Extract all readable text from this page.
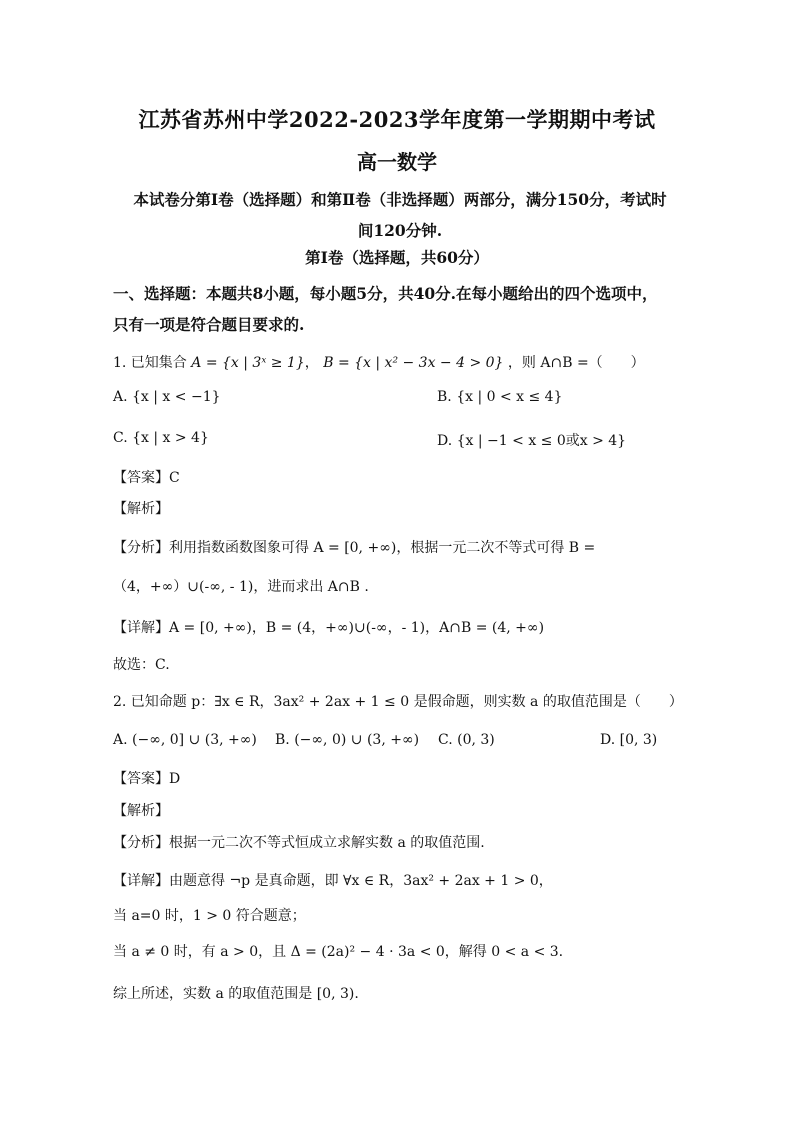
江苏省苏州中学2022-2023学年度第一学期期中考试
高一数学
本试卷分第Ⅰ卷（选择题）和第Ⅱ卷（非选择题）两部分，满分150分，考试时
间120分钟.
第Ⅰ卷（选择题，共60分）
一、选择题：本题共8小题，每小题5分，共40分.在每小题给出的四个选项中，
只有一项是符合题目要求的.
1. 已知集合 A = {x | 3ˣ ≥ 1}， B = {x | x² − 3x − 4 > 0} ，则 A∩B =（　　）
A. {x | x < −1}	B. {x | 0 < x ≤ 4}
C. {x | x > 4}	D. {x | −1 < x ≤ 0或x > 4}
【答案】C
【解析】
【分析】利用指数函数图象可得 A = [0, +∞)，根据一元二次不等式可得 B =
（4，+∞）∪(-∞, - 1)，进而求出 A∩B .
【详解】A = [0, +∞)，B = (4，+∞)∪(-∞，- 1)，A∩B = (4, +∞)
故选：C.
2. 已知命题 p：∃x ∈ R，3ax² + 2ax + 1 ≤ 0 是假命题，则实数 a 的取值范围是（　　）
A. (−∞, 0] ∪ (3, +∞) B. (−∞, 0) ∪ (3, +∞) C. (0, 3)	D. [0, 3)
【答案】D
【解析】
【分析】根据一元二次不等式恒成立求解实数 a 的取值范围.
【详解】由题意得 ¬p 是真命题，即 ∀x ∈ R，3ax² + 2ax + 1 > 0，
当 a=0 时，1 > 0 符合题意；
当 a ≠ 0 时，有 a > 0，且 Δ = (2a)² − 4 · 3a < 0，解得 0 < a < 3.
综上所述，实数 a 的取值范围是 [0, 3).
